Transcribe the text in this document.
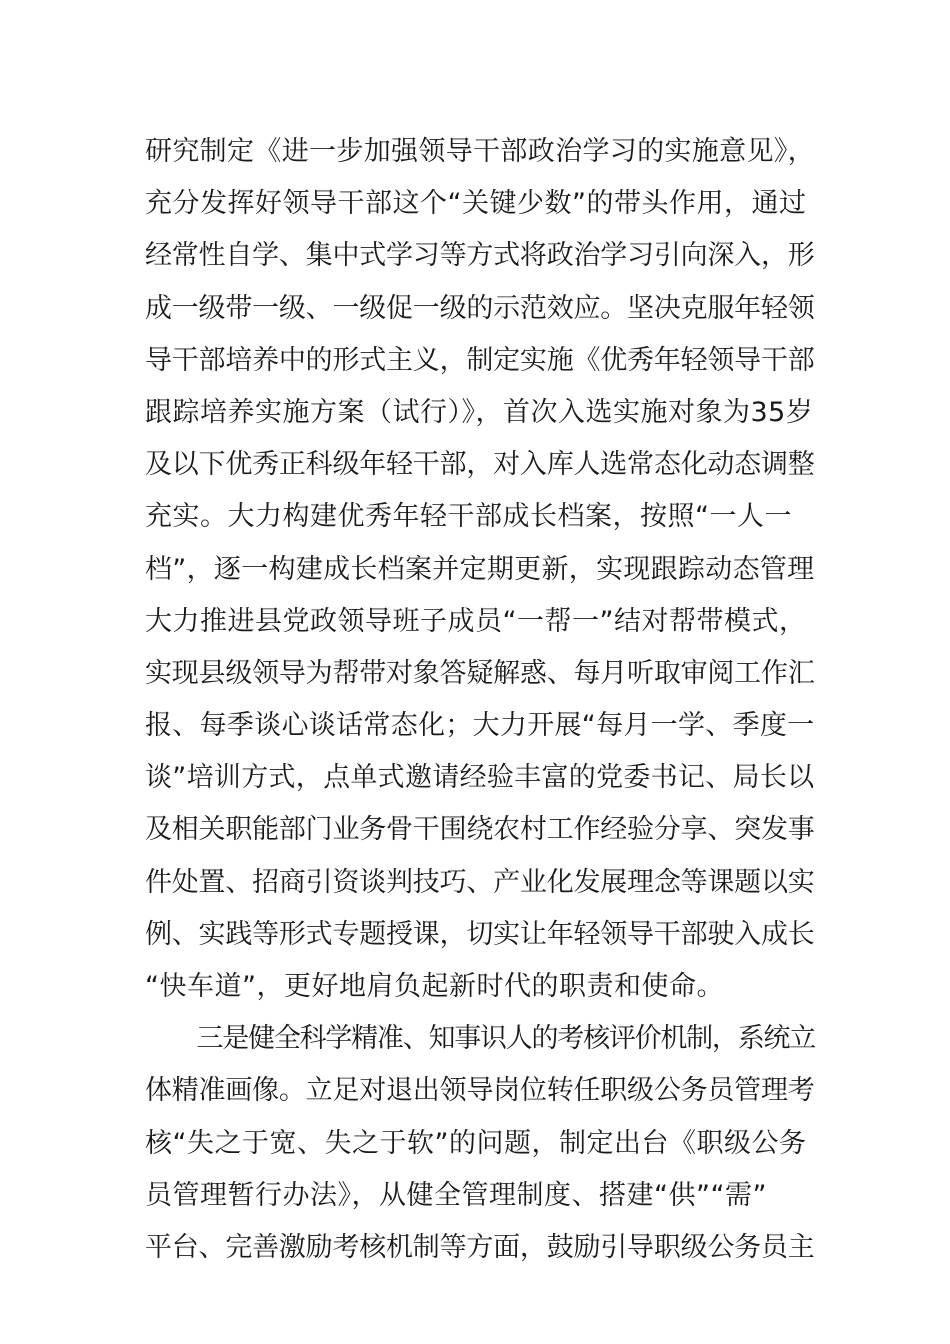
研究制定《进一步加强领导干部政治学习的实施意见》，
充分发挥好领导干部这个“关键少数”的带头作用，通过
经常性自学、集中式学习等方式将政治学习引向深入，形
成一级带一级、一级促一级的示范效应。坚决克服年轻领
导干部培养中的形式主义，制定实施《优秀年轻领导干部
跟踪培养实施方案（试行）》，首次入选实施对象为35岁
及以下优秀正科级年轻干部，对入库人选常态化动态调整
充实。大力构建优秀年轻干部成长档案，按照“一人一
档”，逐一构建成长档案并定期更新，实现跟踪动态管理
大力推进县党政领导班子成员“一帮一”结对帮带模式，
实现县级领导为帮带对象答疑解惑、每月听取审阅工作汇
报、每季谈心谈话常态化；大力开展“每月一学、季度一
谈”培训方式，点单式邀请经验丰富的党委书记、局长以
及相关职能部门业务骨干围绕农村工作经验分享、突发事
件处置、招商引资谈判技巧、产业化发展理念等课题以实
例、实践等形式专题授课，切实让年轻领导干部驶入成长
“快车道”，更好地肩负起新时代的职责和使命。
　　三是健全科学精准、知事识人的考核评价机制，系统立
体精准画像。立足对退出领导岗位转任职级公务员管理考
核“失之于宽、失之于软”的问题，制定出台《职级公务
员管理暂行办法》，从健全管理制度、搭建“供”“需”
平台、完善激励考核机制等方面，鼓励引导职级公务员主
